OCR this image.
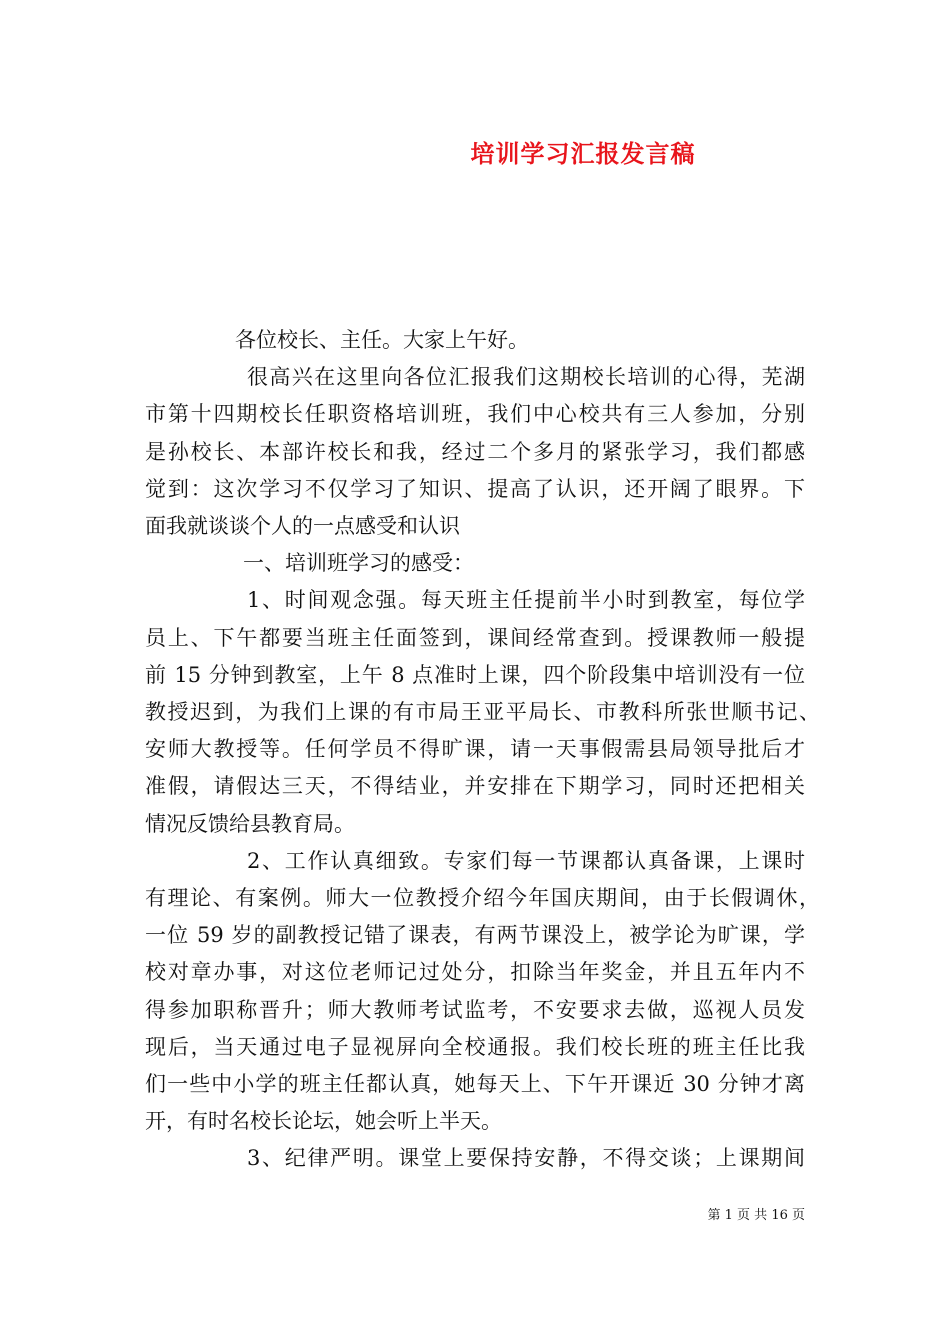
培训学习汇报发言稿
各位校长、主任。大家上午好。
很高兴在这里向各位汇报我们这期校长培训的心得，芜湖
市第十四期校长任职资格培训班，我们中心校共有三人参加，分别
是孙校长、本部许校长和我，经过二个多月的紧张学习，我们都感
觉到：这次学习不仅学习了知识、提高了认识，还开阔了眼界。下
面我就谈谈个人的一点感受和认识
一、培训班学习的感受：
1、时间观念强。每天班主任提前半小时到教室，每位学
员上、下午都要当班主任面签到，课间经常查到。授课教师一般提
前 15 分钟到教室，上午 8 点准时上课，四个阶段集中培训没有一位
教授迟到，为我们上课的有市局王亚平局长、市教科所张世顺书记、
安师大教授等。任何学员不得旷课，请一天事假需县局领导批后才
准假，请假达三天，不得结业，并安排在下期学习，同时还把相关
情况反馈给县教育局。
2、工作认真细致。专家们每一节课都认真备课，上课时
有理论、有案例。师大一位教授介绍今年国庆期间，由于长假调休，
一位 59 岁的副教授记错了课表，有两节课没上，被学论为旷课，学
校对章办事，对这位老师记过处分，扣除当年奖金，并且五年内不
得参加职称晋升；师大教师考试监考，不安要求去做，巡视人员发
现后，当天通过电子显视屏向全校通报。我们校长班的班主任比我
们一些中小学的班主任都认真，她每天上、下午开课近 30 分钟才离
开，有时名校长论坛，她会听上半天。
3、纪律严明。课堂上要保持安静，不得交谈；上课期间
第 1 页 共 16 页
